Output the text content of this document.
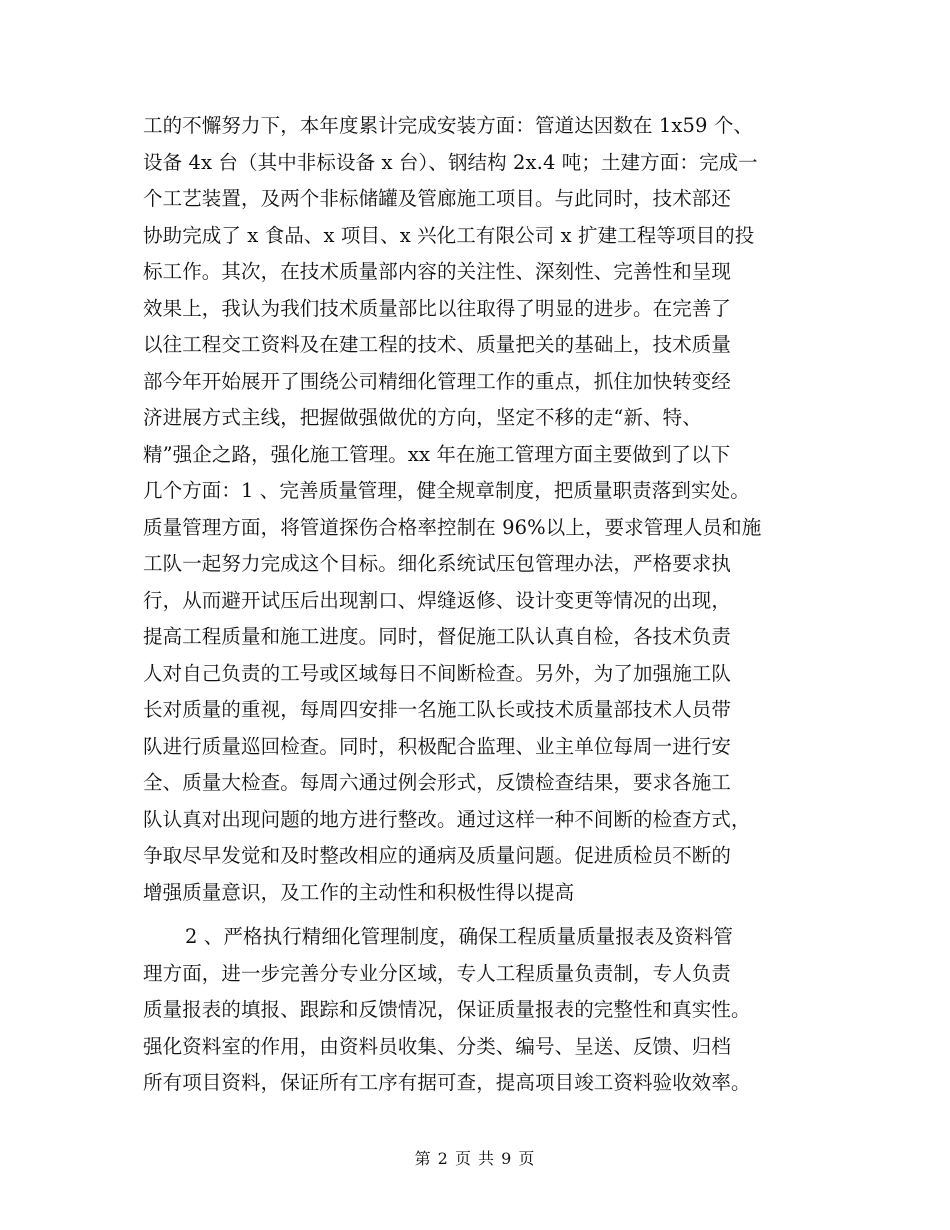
工的不懈努力下，本年度累计完成安装方面：管道达因数在 1x59 个、
设备 4x 台（其中非标设备 x 台）、钢结构 2x.4 吨；土建方面：完成一
个工艺装置，及两个非标储罐及管廊施工项目。与此同时，技术部还
协助完成了 x 食品、x 项目、x 兴化工有限公司 x 扩建工程等项目的投
标工作。其次，在技术质量部内容的关注性、深刻性、完善性和呈现
效果上，我认为我们技术质量部比以往取得了明显的进步。在完善了
以往工程交工资料及在建工程的技术、质量把关的基础上，技术质量
部今年开始展开了围绕公司精细化管理工作的重点，抓住加快转变经
济进展方式主线，把握做强做优的方向，坚定不移的走“新、特、
精”强企之路，强化施工管理。xx 年在施工管理方面主要做到了以下
几个方面：1 、完善质量管理，健全规章制度，把质量职责落到实处。
质量管理方面，将管道探伤合格率控制在 96%以上，要求管理人员和施
工队一起努力完成这个目标。细化系统试压包管理办法，严格要求执
行，从而避开试压后出现割口、焊缝返修、设计变更等情况的出现，
提高工程质量和施工进度。同时，督促施工队认真自检，各技术负责
人对自己负责的工号或区域每日不间断检查。另外，为了加强施工队
长对质量的重视，每周四安排一名施工队长或技术质量部技术人员带
队进行质量巡回检查。同时，积极配合监理、业主单位每周一进行安
全、质量大检查。每周六通过例会形式，反馈检查结果，要求各施工
队认真对出现问题的地方进行整改。通过这样一种不间断的检查方式，
争取尽早发觉和及时整改相应的通病及质量问题。促进质检员不断的
增强质量意识，及工作的主动性和积极性得以提高
2 、严格执行精细化管理制度，确保工程质量质量报表及资料管
理方面，进一步完善分专业分区域，专人工程质量负责制，专人负责
质量报表的填报、跟踪和反馈情况，保证质量报表的完整性和真实性。
强化资料室的作用，由资料员收集、分类、编号、呈送、反馈、归档
所有项目资料，保证所有工序有据可查，提高项目竣工资料验收效率。
第 2 页 共 9 页
